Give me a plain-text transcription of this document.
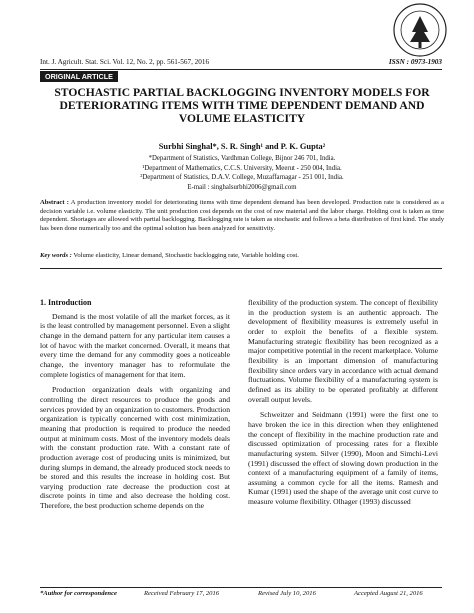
Int. J. Agricult. Stat. Sci. Vol. 12, No. 2, pp. 561-567, 2016	ISSN : 0973-1903
ORIGINAL ARTICLE
STOCHASTIC PARTIAL BACKLOGGING INVENTORY MODELS FOR DETERIORATING ITEMS WITH TIME DEPENDENT DEMAND AND VOLUME ELASTICITY
Surbhi Singhal*, S. R. Singh¹ and P. K. Gupta²
*Department of Statistics, Vardhman College, Bijnor 246 701, India.
¹Department of Mathematics, C.C.S. University, Meerut - 250 004, India.
²Department of Statistics, D.A.V. College, Muzaffarnagar - 251 001, India.
E-mail : singhalsurbhi2006@gmail.com
Abstract : A production inventory model for deteriorating items with time dependent demand has been developed. Production rate is considered as a decision variable i.e. volume elasticity. The unit production cost depends on the cost of raw material and the labor charge. Holding cost is taken as time dependent. Shortages are allowed with partial backlogging. Backlogging rate is taken as stochastic and follows a beta distribution of first kind. The study has been done numerically too and the optimal solution has been analyzed for sensitivity.
Key words : Volume elasticity, Linear demand, Stochastic backlogging rate, Variable holding cost.

1. Introduction

Demand is the most volatile of all the market forces, as it is the least controlled by management personnel. Even a slight change in the demand pattern for any particular item causes a lot of havoc with the market concerned. Overall, it means that every time the demand for any commodity goes a noticeable change, the inventory manager has to reformulate the complete logistics of management for that item.

Production organization deals with organizing and controlling the direct resources to produce the goods and services provided by an organization to customers. Production organization is typically concerned with cost minimization, meaning that production is required to produce the needed output at minimum costs. Most of the inventory models deals with the constant production rate. With a constant rate of production average cost of producing units is minimized, but during slumps in demand, the already produced stock needs to be stored and this results the increase in holding cost. But varying production rate decrease the production cost at discrete points in time and also decrease the holding cost. Therefore, the best production scheme depends on the

flexibility of the production system. The concept of flexibility in the production system is an authentic approach. The development of flexibility measures is extremely useful in order to exploit the benefits of a flexible system. Manufacturing strategic flexibility has been recognized as a major competitive potential in the recent marketplace. Volume flexibility is an important dimension of manufacturing flexibility since orders vary in accordance with actual demand fluctuations. Volume flexibility of a manufacturing system is defined as its ability to be operated profitably at different overall output levels.

Schweitzer and Seidmann (1991) were the first one to have broken the ice in this direction when they enlightened the concept of flexibility in the machine production rate and discussed optimization of processing rates for a flexible manufacturing system. Silver (1990), Moon and Simchi-Levi (1991) discussed the effect of slowing down production in the context of a manufacturing equipment of a family of items, assuming a common cycle for all the items. Ramesh and Kumar (1991) used the shape of the average unit cost curve to measure volume flexibility. Olhager (1993) discussed

*Author for correspondence	Received February 17, 2016	Revised July 10, 2016	Accepted August 21, 2016
